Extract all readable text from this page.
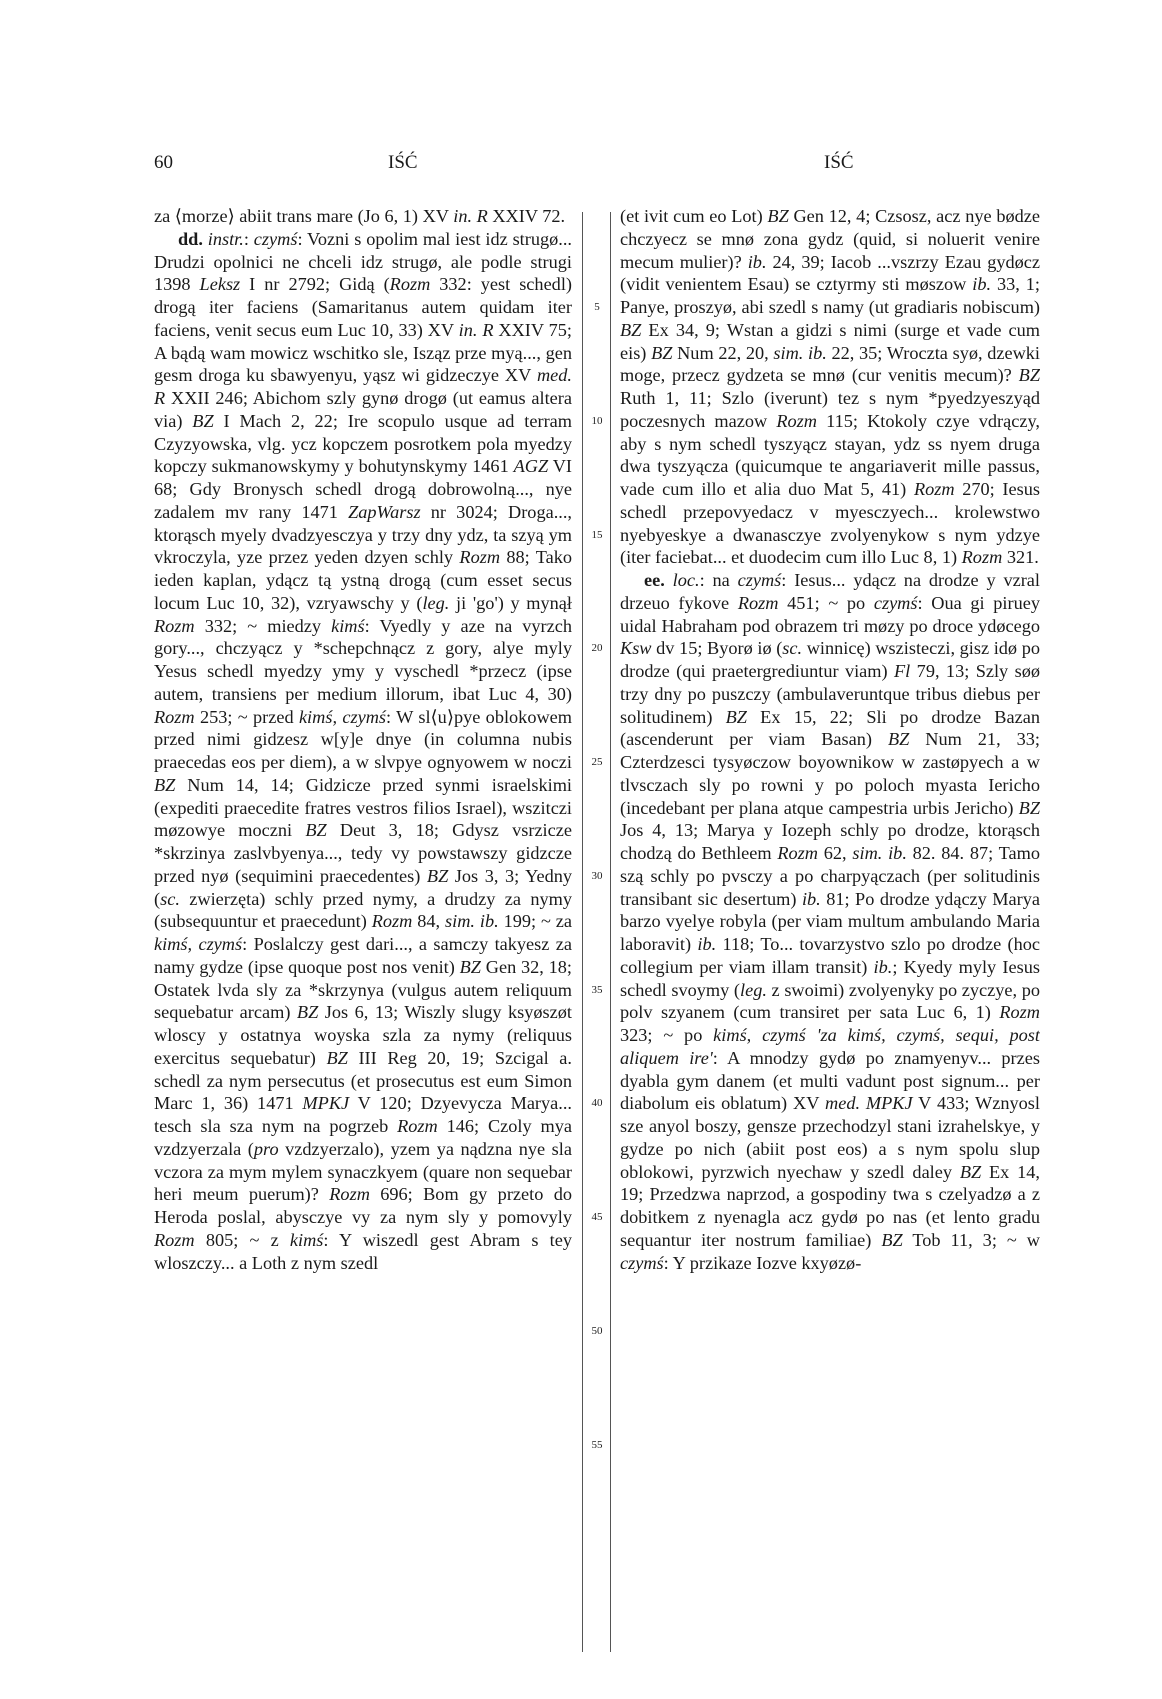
60	IŚĆ	IŚĆ

za ⟨morze⟩ abiit trans mare (Jo 6, 1) XV in. R XXIV 72.
dd. instr.: czymś: Vozni s opolim mal iest idz strugø... Drudzi opolnici ne chceli idz strugø, ale podle strugi 1398 Leksz I nr 2792; Gidą (Rozm 332: yest schedl) drogą iter faciens (Samaritanus autem quidam iter faciens, venit secus eum Luc 10, 33) XV in. R XXIV 75; A bądą wam mowicz wschitko sle, Isząz prze myą..., gen gesm droga ku sbawyenyu, yąsz wi gidzeczye XV med. R XXII 246; Abichom szly gynø drogø (ut eamus altera via) BZ I Mach 2, 22; Ire scopulo usque ad terram Czyzyowska, vlg. ycz kopczem posrotkem pola myedzy kopczy sukmanowskymy y bohutynskymy 1461 AGZ VI 68; Gdy Bronysch schedl drogą dobrowolną..., nye zadalem mv rany 1471 ZapWarsz nr 3024; Droga..., ktorąsch myely dvadzyesczya y trzy dny ydz, ta szyą ym vkroczyla, yze przez yeden dzyen schly Rozm 88; Tako ieden kaplan, ydącz tą ystną drogą (cum esset secus locum Luc 10, 32), vzryawschy y (leg. ji 'go') y mynął Rozm 332; ~ miedzy kimś: Vyedly y aze na vyrzch gory..., chczyącz y *schepchnącz z gory, alye myly Yesus schedl myedzy ymy y vyschedl *przecz (ipse autem, transiens per medium illorum, ibat Luc 4, 30) Rozm 253; ~ przed kimś, czymś: W sl⟨u⟩pye oblokowem przed nimi gidzesz w[y]e dnye (in columna nubis praecedas eos per diem), a w slvpye ognyowem w noczi BZ Num 14, 14; Gidzicze przed synmi israelskimi (expediti praecedite fratres vestros filios Israel), wszitczi møzowye moczni BZ Deut 3, 18; Gdysz vsrzicze *skrzinya zaslvbyenya..., tedy vy powstawszy gidzcze przed nyø (sequimini praecedentes) BZ Jos 3, 3; Yedny (sc. zwierzęta) schly przed nymy, a drudzy za nymy (subsequuntur et praecedunt) Rozm 84, sim. ib. 199; ~ za kimś, czymś: Poslalczy gest dari..., a samczy takyesz za namy gydze (ipse quoque post nos venit) BZ Gen 32, 18; Ostatek lvda sly za *skrzynya (vulgus autem reliquum sequebatur arcam) BZ Jos 6, 13; Wiszly slugy ksyøszøt wloscy y ostatnya woyska szla za nymy (reliquus exercitus sequebatur) BZ III Reg 20, 19; Szcigal a. schedl za nym persecutus (et prosecutus est eum Simon Marc 1, 36) 1471 MPKJ V 120; Dzyevycza Marya... tesch sla sza nym na pogrzeb Rozm 146; Czoly mya vzdzyerzala (pro vzdzyerzalo), yzem ya nądzna nye sla vczora za mym mylem synaczkyem (quare non sequebar heri meum puerum)? Rozm 696; Bom gy przeto do Heroda poslal, abysczye vy za nym sly y pomovyly Rozm 805; ~ z kimś: Y wiszedl gest Abram s tey wloszczy... a Loth z nym szedl

5
10
15
20
25
30
35
40
45
50
55

(et ivit cum eo Lot) BZ Gen 12, 4; Czsosz, acz nye bødze chczyecz se mnø zona gydz (quid, si noluerit venire mecum mulier)? ib. 24, 39; Iacob ...vszrzy Ezau gydøcz (vidit venientem Esau) se cztyrmy sti møszow ib. 33, 1; Panye, proszyø, abi szedl s namy (ut gradiaris nobiscum) BZ Ex 34, 9; Wstan a gidzi s nimi (surge et vade cum eis) BZ Num 22, 20, sim. ib. 22, 35; Wroczta syø, dzewki moge, przecz gydzeta se mnø (cur venitis mecum)? BZ Ruth 1, 11; Szlo (iverunt) tez s nym *pyedzyeszyąd poczesnych mazow Rozm 115; Ktokoly czye vdrączy, aby s nym schedl tyszyącz stayan, ydz ss nyem druga dwa tyszyącza (quicumque te angariaverit mille passus, vade cum illo et alia duo Mat 5, 41) Rozm 270; Iesus schedl przepovyedacz v myesczyech... krolewstwo nyebyeskye a dwanasczye zvolyenykow s nym ydzye (iter faciebat... et duodecim cum illo Luc 8, 1) Rozm 321.
ee. loc.: na czymś: Iesus... ydącz na drodze y vzral drzeuo fykove Rozm 451; ~ po czymś: Oua gi piruey uidal Habraham pod obrazem tri møzy po droce ydøcego Ksw dv 15; Byorø iø (sc. winnicę) wszisteczi, gisz idø po drodze (qui praetergrediuntur viam) Fl 79, 13; Szly søø trzy dny po puszczy (ambulaveruntque tribus diebus per solitudinem) BZ Ex 15, 22; Sli po drodze Bazan (ascenderunt per viam Basan) BZ Num 21, 33; Czterdzesci tysyøczow boyownikow w zastøpyech a w tlvsczach sly po rowni y po poloch myasta Iericho (incedebant per plana atque campestria urbis Jericho) BZ Jos 4, 13; Marya y Iozeph schly po drodze, ktorąsch chodzą do Bethleem Rozm 62, sim. ib. 82. 84. 87; Tamo szą schly po pvsczy a po charpyączach (per solitudinis transibant sic desertum) ib. 81; Po drodze ydączy Marya barzo vyelye robyla (per viam multum ambulando Maria laboravit) ib. 118; To... tovarzystvo szlo po drodze (hoc collegium per viam illam transit) ib.; Kyedy myly Iesus schedl svoymy (leg. z swoimi) zvolyenyky po zyczye, po polv szyanem (cum transiret per sata Luc 6, 1) Rozm 323; ~ po kimś, czymś 'za kimś, czymś, sequi, post aliquem ire': A mnodzy gydø po znamyenyv... przes dyabla gym danem (et multi vadunt post signum... per diabolum eis oblatum) XV med. MPKJ V 433; Wznyosl sze anyol boszy, gensze przechodzyl stani izrahelskye, y gydze po nich (abiit post eos) a s nym spolu slup oblokowi, pyrzwich nyechaw y szedl daley BZ Ex 14, 19; Przedzwa naprzod, a gospodiny twa s czelyadzø a z dobitkem z nyenagla acz gydø po nas (et lento gradu sequantur iter nostrum familiae) BZ Tob 11, 3; ~ w czymś: Y przikaze Iozve kxyøzø-
